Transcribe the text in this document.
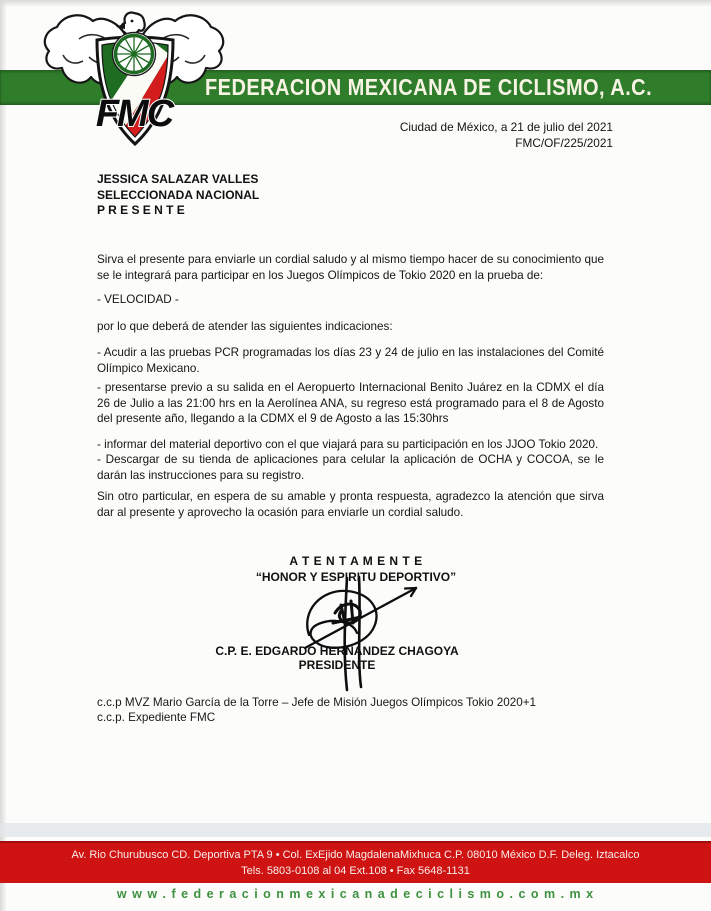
FEDERACION MEXICANA DE CICLISMO, A.C.
FMC	Ciudad de México, a 21 de julio del 2021
FMC/OF/225/2021
JESSICA SALAZAR VALLES
SELECCIONADA NACIONAL
P R E S E N T E

Sirva el presente para enviarle un cordial saludo y al mismo tiempo hacer de su conocimiento que se le integrará para participar en los Juegos Olímpicos de Tokio 2020 en la prueba de:

- VELOCIDAD -

por lo que deberá de atender las siguientes indicaciones:

- Acudir a las pruebas PCR programadas los días 23 y 24 de julio en las instalaciones del Comité Olímpico Mexicano.

- presentarse previo a su salida en el Aeropuerto Internacional Benito Juárez en la CDMX el día 26 de Julio a las 21:00 hrs en la Aerolínea ANA, su regreso está programado para el 8 de Agosto del presente año, llegando a la CDMX el 9 de Agosto a las 15:30hrs

- informar del material deportivo con el que viajará para su participación en los JJOO Tokio 2020.

- Descargar de su tienda de aplicaciones para celular la aplicación de OCHA y COCOA, se le darán las instrucciones para su registro.

Sin otro particular, en espera de su amable y pronta respuesta, agradezco la atención que sirva dar al presente y aprovecho la ocasión para enviarle un cordial saludo.

A T E N T A M E N T E
“HONOR Y ESPIRITU DEPORTIVO”
C.P. E. EDGARDO HERNANDEZ CHAGOYA
PRESIDENTE
c.c.p MVZ Mario García de la Torre – Jefe de Misión Juegos Olímpicos Tokio 2020+1
c.c.p. Expediente FMC
Av. Rio Churubusco CD. Deportiva PTA 9 • Col. ExEjido MagdalenaMixhuca C.P. 08010 México D.F. Deleg. Iztacalco
Tels. 5803-0108 al 04 Ext.108 • Fax 5648-1131
w w w . f e d e r a c i o n m e x i c a n a d e c i c l i s m o . c o m . m x
